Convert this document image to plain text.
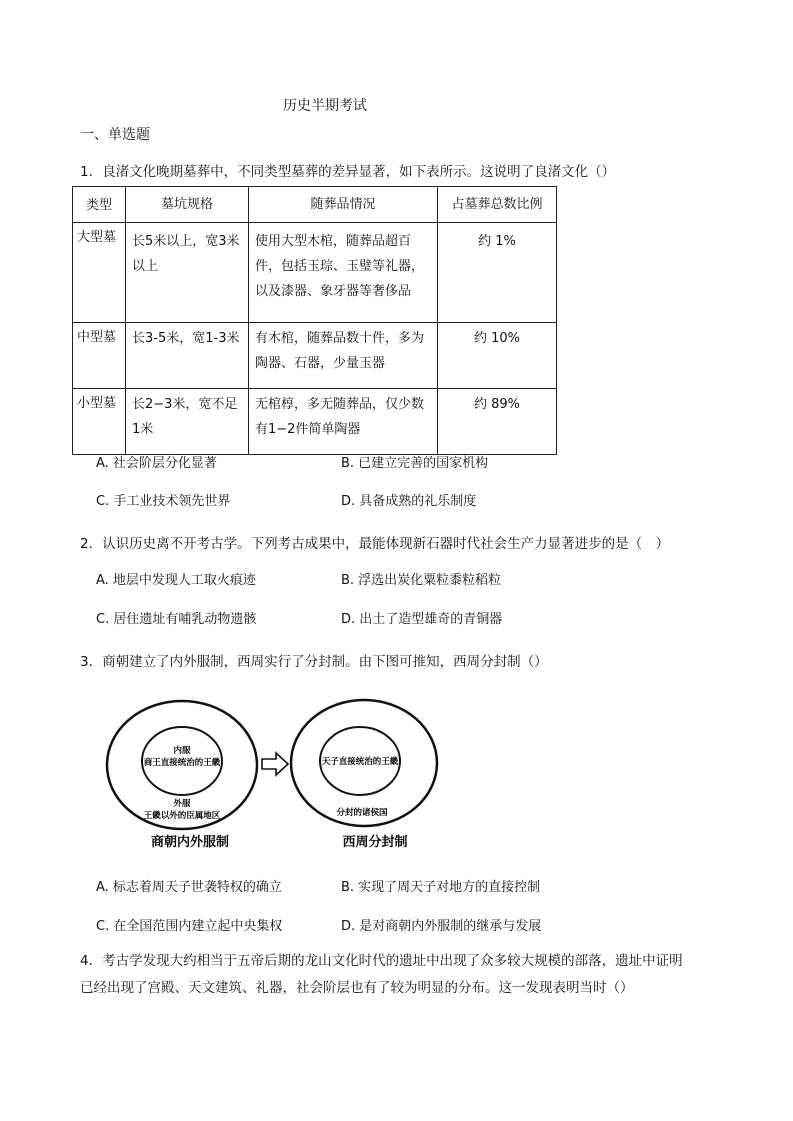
历史半期考试
一、单选题
1．良渚文化晚期墓葬中，不同类型墓葬的差异显著，如下表所示。这说明了良渚文化（）
类型	墓坑规格	随葬品情况	占墓葬总数比例
大型墓	长5米以上，宽3米以上	使用大型木棺，随葬品超百件，包括玉琮、玉璧等礼器，以及漆器、象牙器等奢侈品	约 1%
中型墓	长3-5米，宽1-3米	有木棺，随葬品数十件，多为陶器、石器，少量玉器	约 10%
小型墓	长2−3米，宽不足1米	无棺椁，多无随葬品，仅少数有1−2件简单陶器	约 89%
A. 社会阶层分化显著	B. 已建立完善的国家机构
C. 手工业技术领先世界	D. 具备成熟的礼乐制度
2．认识历史离不开考古学。下列考古成果中，最能体现新石器时代社会生产力显著进步的是（　）
A. 地层中发现人工取火痕迹	B. 浮选出炭化粟粒黍粒稻粒
C. 居住遗址有哺乳动物遗骸	D. 出土了造型雄奇的青铜器
3．商朝建立了内外服制，西周实行了分封制。由下图可推知，西周分封制（）
内服
商王直接统治的王畿
外服
王畿以外的臣属地区
商朝内外服制
天子直接统治的王畿
分封的诸侯国
西周分封制
A. 标志着周天子世袭特权的确立	B. 实现了周天子对地方的直接控制
C. 在全国范围内建立起中央集权	D. 是对商朝内外服制的继承与发展
4．考古学发现大约相当于五帝后期的龙山文化时代的遗址中出现了众多较大规模的部落，遗址中证明
已经出现了宫殿、天文建筑、礼器，社会阶层也有了较为明显的分布。这一发现表明当时（）
